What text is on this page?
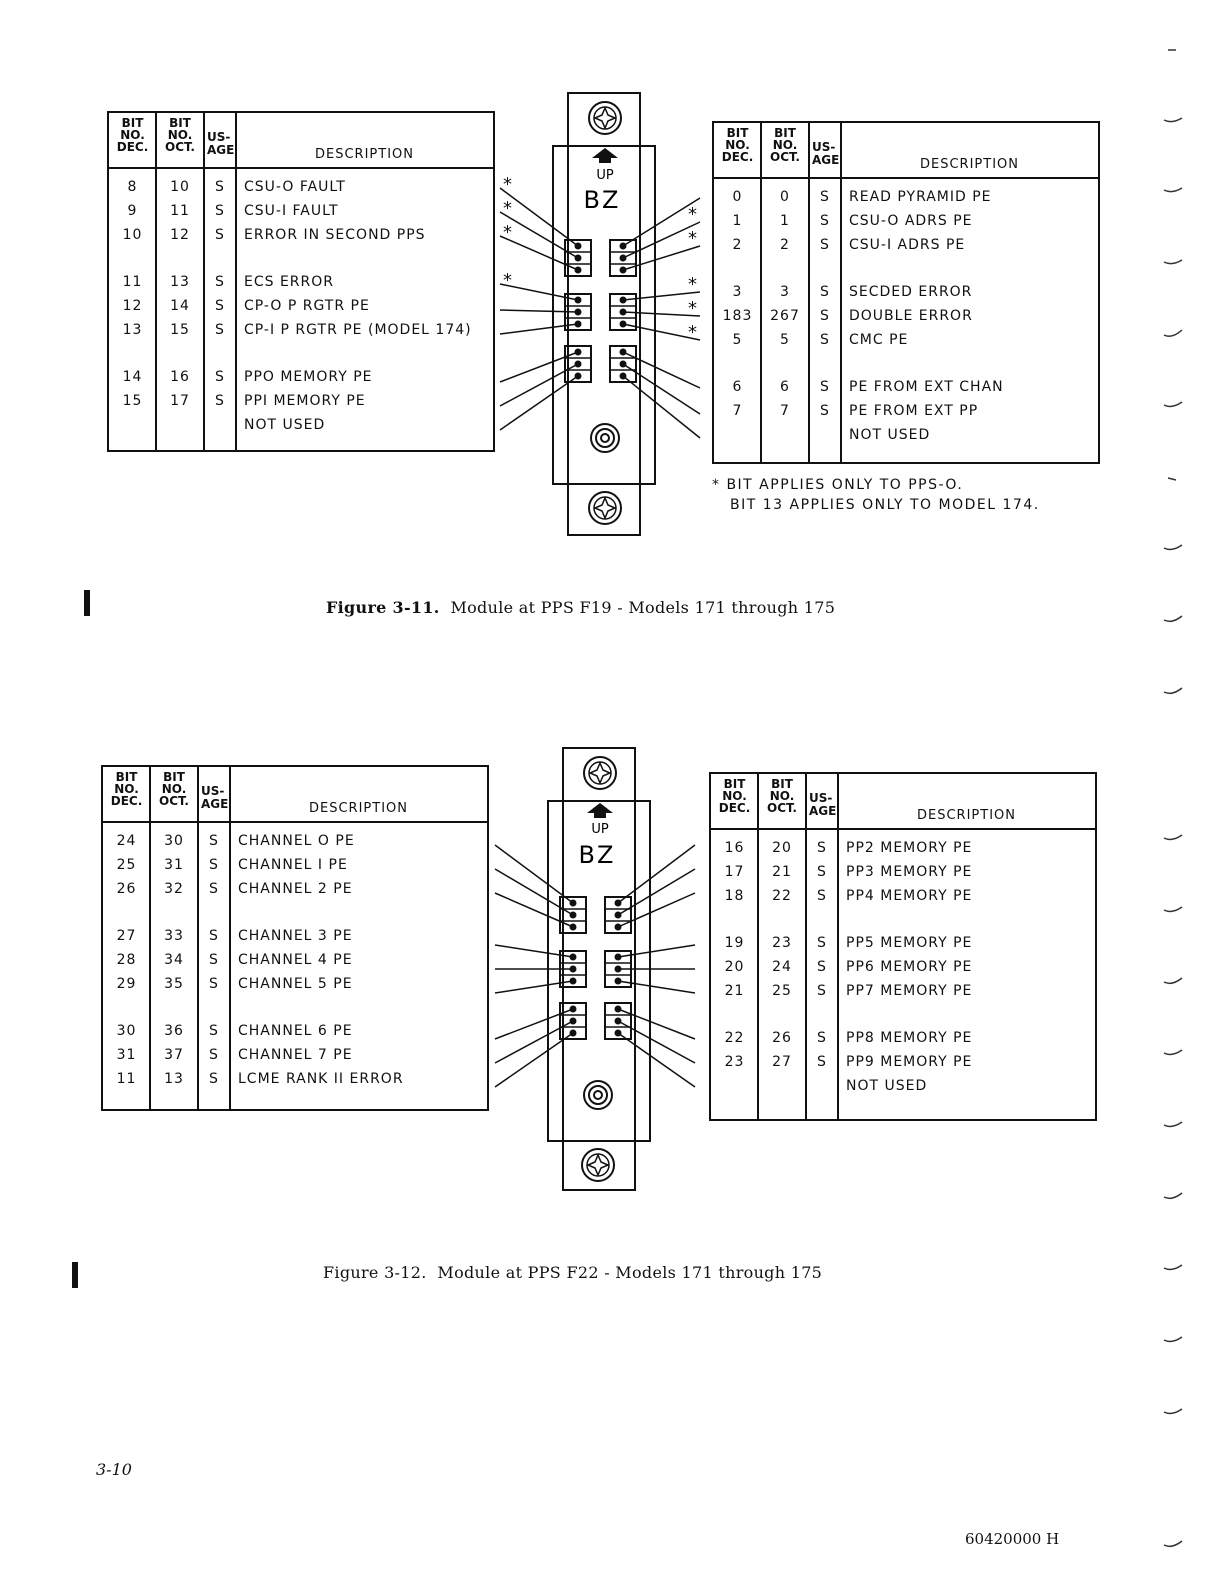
BIT
NO.
DEC.
BIT
NO.
OCT.
US-
AGE	DESCRIPTION
8	10	S	CSU-O FAULT
9	11	S	CSU-I FAULT
10	12	S	ERROR IN SECOND PPS
11	13	S	ECS ERROR
12	14	S	CP-O P RGTR PE
13	15	S	CP-I P RGTR PE (MODEL 174)
14	16	S	PPO MEMORY PE
15	17	S	PPI MEMORY PE
NOT USED
BIT
NO.
DEC.
BIT
NO.
OCT.
US-
AGE	DESCRIPTION
0	0	S	READ PYRAMID PE
1	1	S	CSU-O ADRS PE
2	2	S	CSU-I ADRS PE
3	3	S	SECDED ERROR
183	267	S	DOUBLE ERROR
5	5	S	CMC PE
6	6	S	PE FROM EXT CHAN
7	7	S	PE FROM EXT PP
NOT USED
UP
BZ
*
*
*
*
*
*
*
*
*
* BIT APPLIES ONLY TO PPS-O.
BIT 13 APPLIES ONLY TO MODEL 174.
Figure 3-11. Module at PPS F19 - Models 171 through 175
BIT
NO.
DEC.
BIT
NO.
OCT.
US-
AGE	DESCRIPTION
24	30	S	CHANNEL O PE
25	31	S	CHANNEL I PE
26	32	S	CHANNEL 2 PE
27	33	S	CHANNEL 3 PE
28	34	S	CHANNEL 4 PE
29	35	S	CHANNEL 5 PE
30	36	S	CHANNEL 6 PE
31	37	S	CHANNEL 7 PE
11	13	S	LCME RANK II ERROR
BIT
NO.
DEC.
BIT
NO.
OCT.
US-
AGE	DESCRIPTION
16	20	S	PP2 MEMORY PE
17	21	S	PP3 MEMORY PE
18	22	S	PP4 MEMORY PE
19	23	S	PP5 MEMORY PE
20	24	S	PP6 MEMORY PE
21	25	S	PP7 MEMORY PE
22	26	S	PP8 MEMORY PE
23	27	S	PP9 MEMORY PE
NOT USED
UP
BZ
Figure 3-12. Module at PPS F22 - Models 171 through 175
3-10
60420000 H
